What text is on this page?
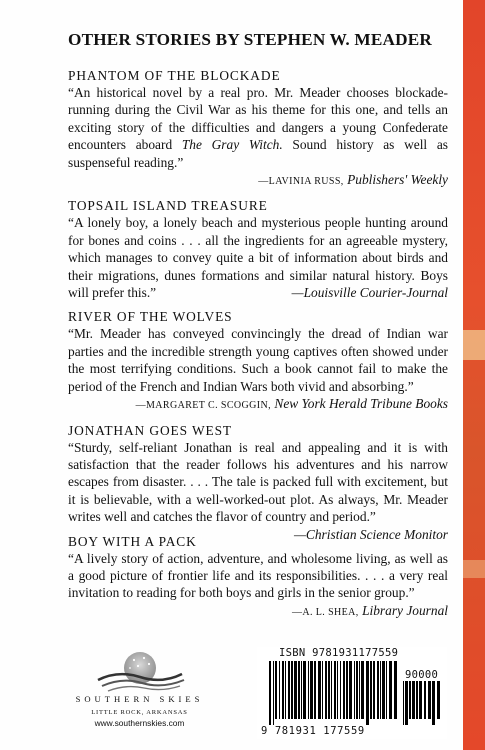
OTHER STORIES BY STEPHEN W. MEADER
PHANTOM OF THE BLOCKADE

“An historical novel by a real pro. Mr. Meader chooses blockade-running during the Civil War as his theme for this one, and tells an exciting story of the difficulties and dangers a young Confederate encounters aboard The Gray Witch. Sound history as well as suspenseful reading.”

—LAVINIA RUSS, Publishers' Weekly
TOPSAIL ISLAND TREASURE

“A lonely boy, a lonely beach and mysterious people hunting around for bones and coins . . . all the ingredients for an agreeable mystery, which manages to convey quite a bit of information about birds and their migrations, dunes formations and similar natural history. Boys will prefer this.”	—Louisville Courier-Journal

RIVER OF THE WOLVES

“Mr. Meader has conveyed convincingly the dread of Indian war parties and the incredible strength young captives often showed under the most terrifying conditions. Such a book cannot fail to make the period of the French and Indian Wars both vivid and absorbing.”

—MARGARET C. SCOGGIN, New York Herald Tribune Books
JONATHAN GOES WEST

“Sturdy, self-reliant Jonathan is real and appealing and it is with satisfaction that the reader follows his adventures and his narrow escapes from disaster. . . . The tale is packed full with excitement, but it is believable, with a well-worked-out plot. As always, Mr. Meader writes well and catches the flavor of country and period.”
—Christian Science Monitor

BOY WITH A PACK

“A lively story of action, adventure, and wholesome living, as well as a good picture of frontier life and its responsibilities. . . . a very real invitation to reading for both boys and girls in the senior group.”
—A. L. SHEA, Library Journal

SOUTHERN SKIES
LITTLE ROCK, ARKANSAS
www.southernskies.com
ISBN 9781931177559
90000
9 781931 177559
